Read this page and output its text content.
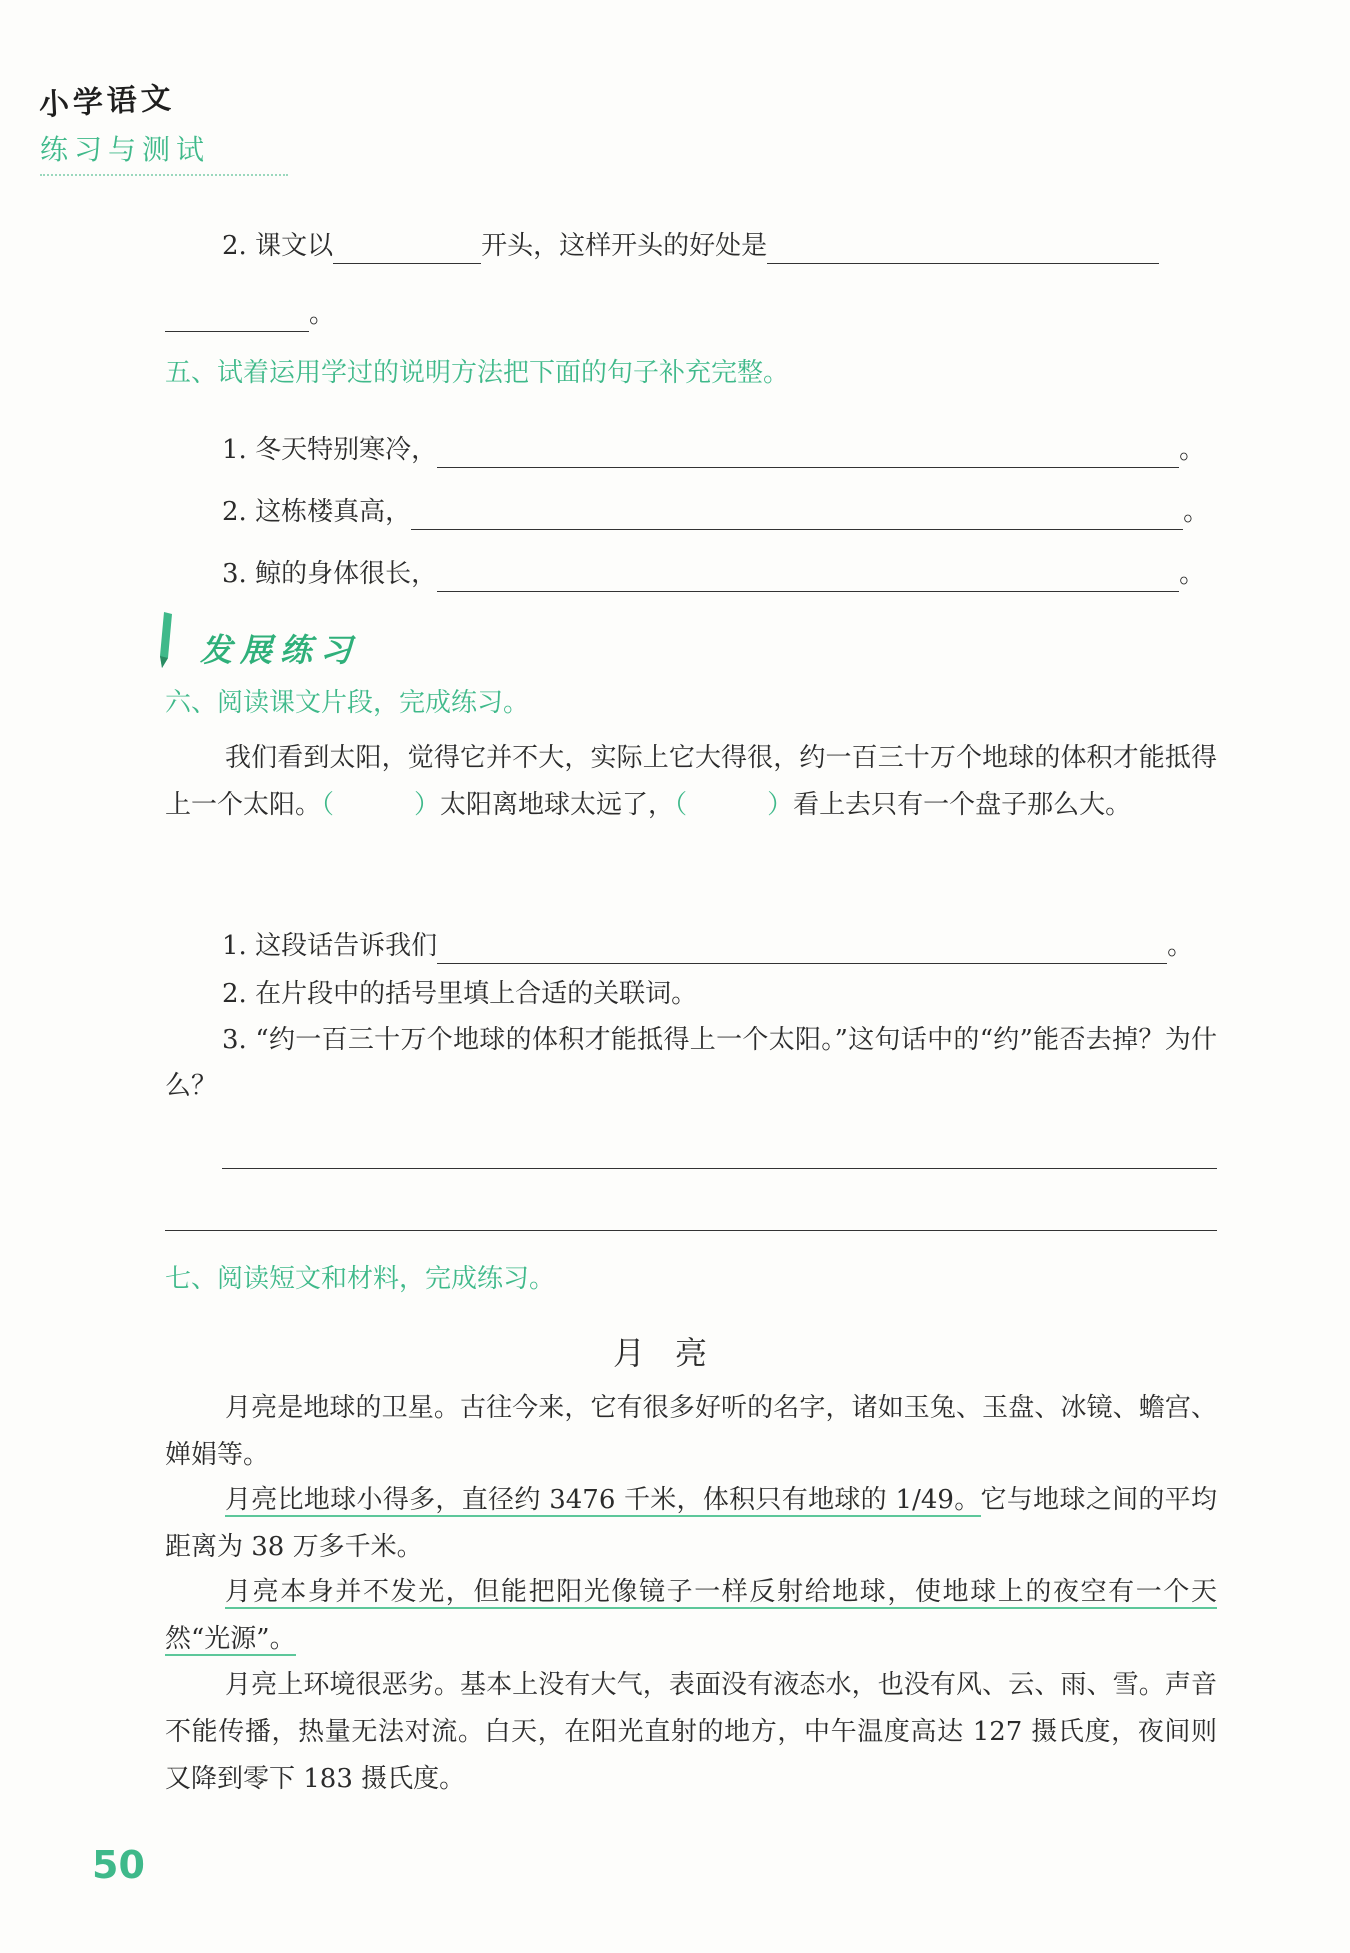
小学语文
练习与测试
2. 课文以	开头，这样开头的好处是
。
五、试着运用学过的说明方法把下面的句子补充完整。
1. 冬天特别寒冷，	。
2. 这栋楼真高，	。
3. 鲸的身体很长，	。
发展练习
六、阅读课文片段，完成练习。
我们看到太阳，觉得它并不大，实际上它大得很，约一百三十万个地球的体积才能抵得上一个太阳。（	）太阳离地球太远了，（	）看上去只有一个盘子那么大。
1. 这段话告诉我们	。
2. 在片段中的括号里填上合适的关联词。
3. “约一百三十万个地球的体积才能抵得上一个太阳。”这句话中的“约”能否去掉？为什么？
七、阅读短文和材料，完成练习。
月亮
月亮是地球的卫星。古往今来，它有很多好听的名字，诸如玉兔、玉盘、冰镜、蟾宫、婵娟等。
月亮比地球小得多，直径约 3476 千米，体积只有地球的 1/49。它与地球之间的平均距离为 38 万多千米。
月亮本身并不发光，但能把阳光像镜子一样反射给地球，使地球上的夜空有一个天然“光源”。
月亮上环境很恶劣。基本上没有大气，表面没有液态水，也没有风、云、雨、雪。声音不能传播，热量无法对流。白天，在阳光直射的地方，中午温度高达 127 摄氏度，夜间则又降到零下 183 摄氏度。
50
